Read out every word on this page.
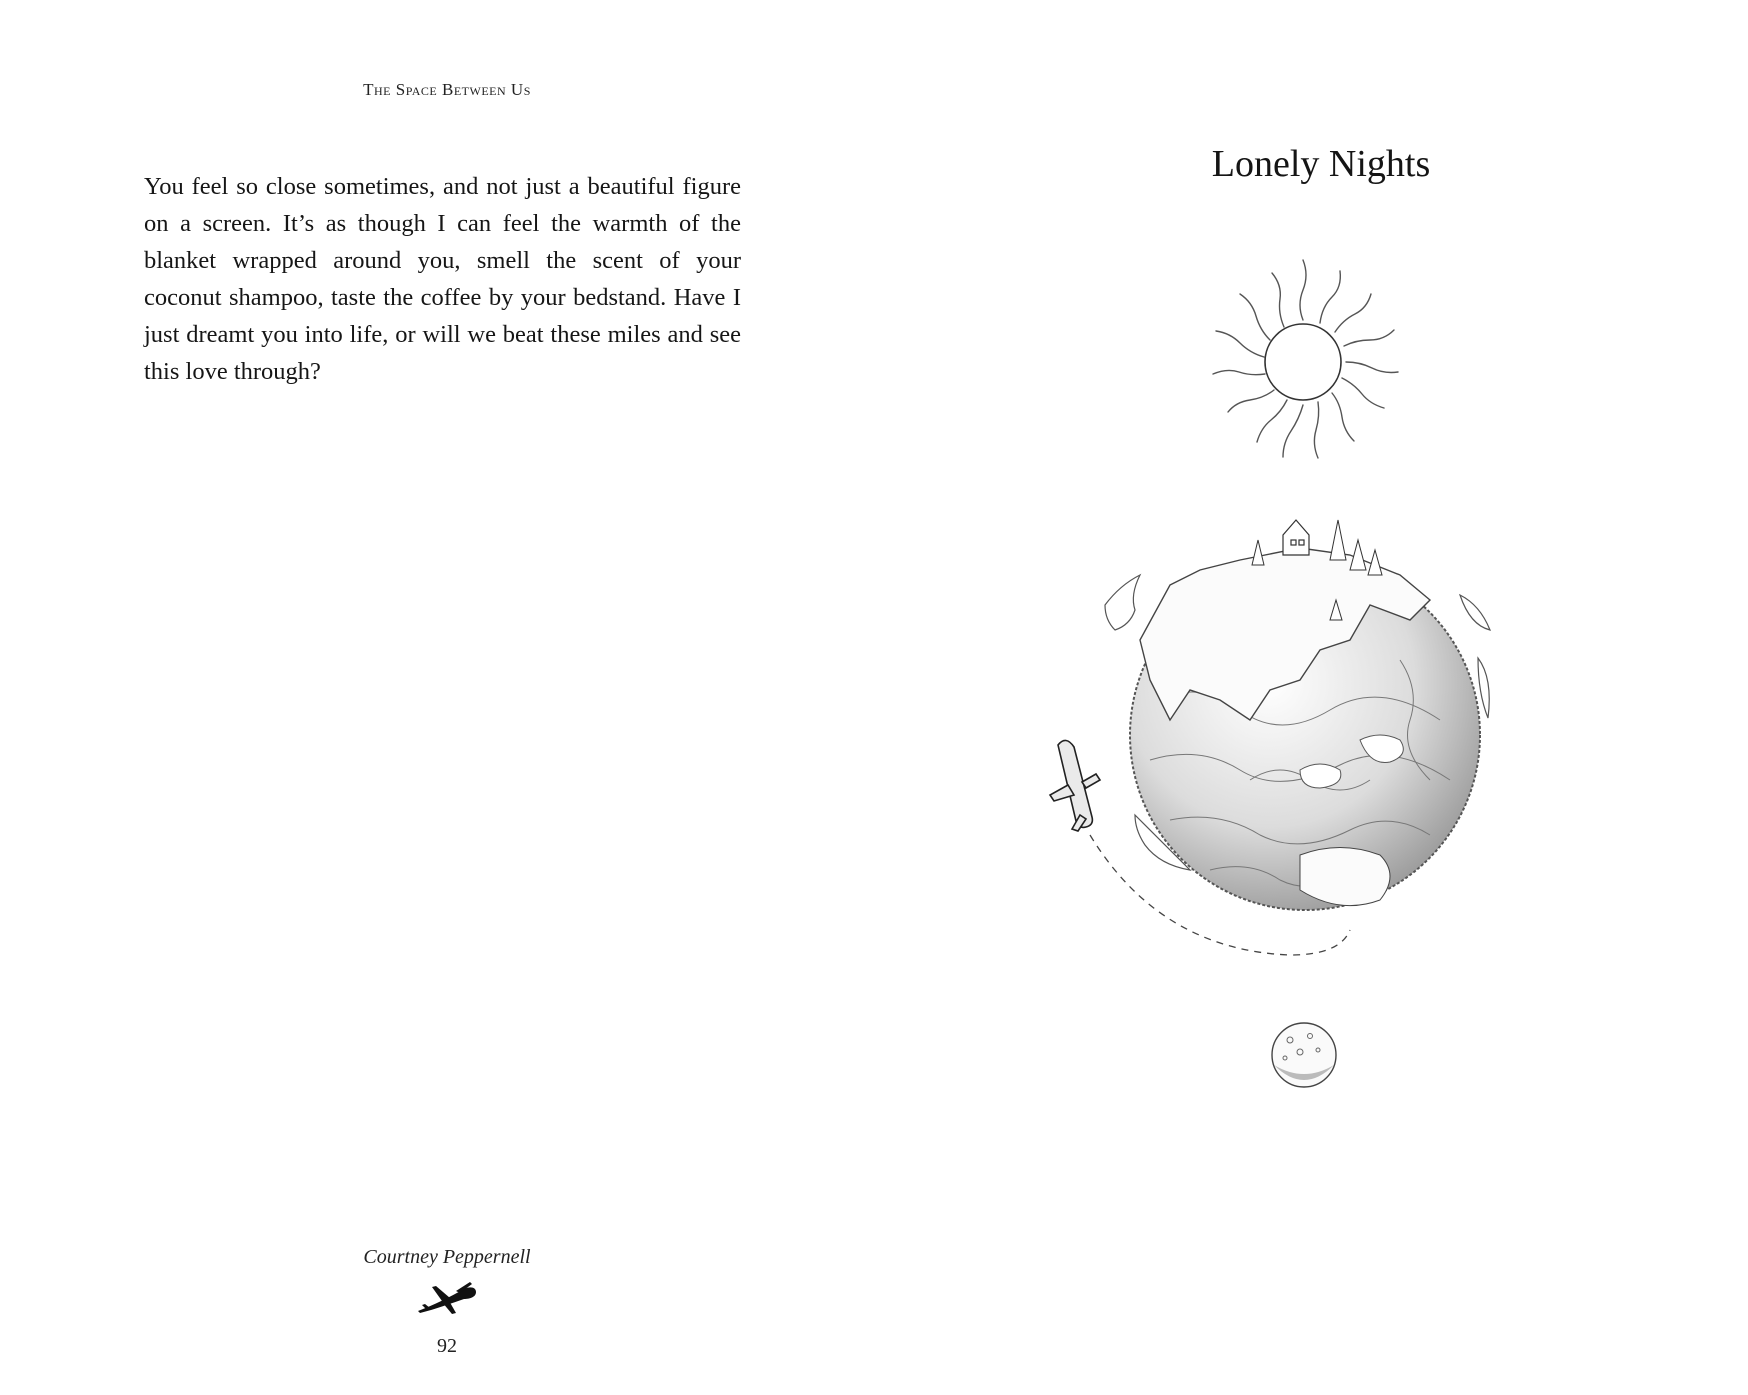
The Space Between Us

You feel so close sometimes, and not just a beautiful figure on a screen. It’s as though I can feel the warmth of the blanket wrapped around you, smell the scent of your coconut shampoo, taste the coffee by your bedstand. Have I just dreamt you into life, or will we beat these miles and see this love through?

Courtney Peppernell
92
Lonely Nights
